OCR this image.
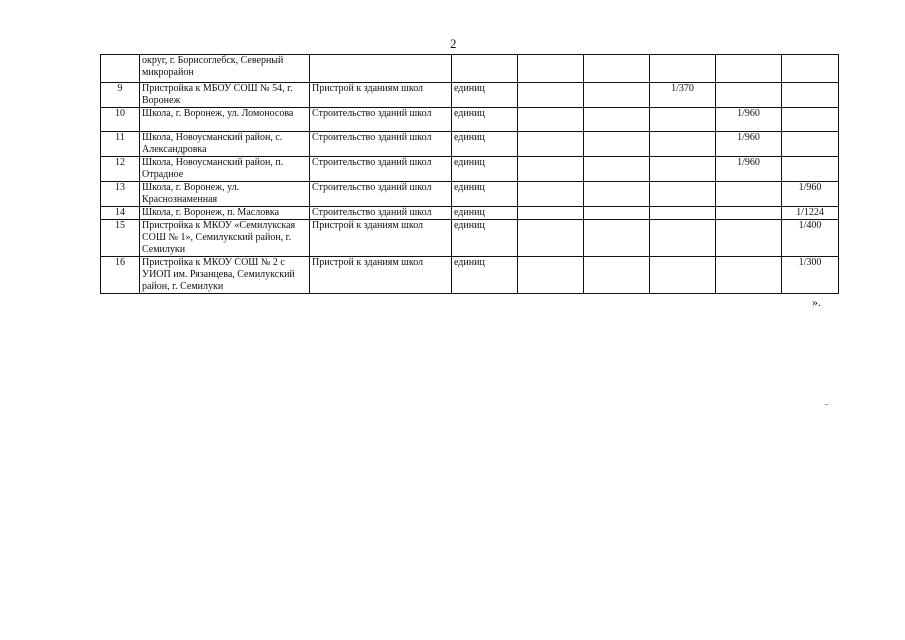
2
	округ, г. Борисоглебск, Северный микрорайон							
9	Пристройка к МБОУ СОШ № 54, г. Воронеж	Пристрой к зданиям школ	единиц			1/370		
10	Школа, г. Воронеж, ул. Ломоносова	Строительство зданий школ	единиц				1/960	
11	Школа, Новоусманский район, с. Александровка	Строительство зданий школ	единиц				1/960	
12	Школа, Новоусманский район, п. Отрадное	Строительство зданий школ	единиц				1/960	
13	Школа, г. Воронеж, ул. Краснознаменная	Строительство зданий школ	единиц					1/960
14	Школа, г. Воронеж, п. Масловка	Строительство зданий школ	единиц					1/1224
15	Пристройка к МКОУ «Семилукская СОШ № 1», Семилукский район, г. Семилуки	Пристрой к зданиям школ	единиц					1/400
16	Пристройка к МКОУ СОШ № 2 с УИОП им. Рязанцева, Семилукский район, г. Семилуки	Пристрой к зданиям школ	единиц					1/300
».
